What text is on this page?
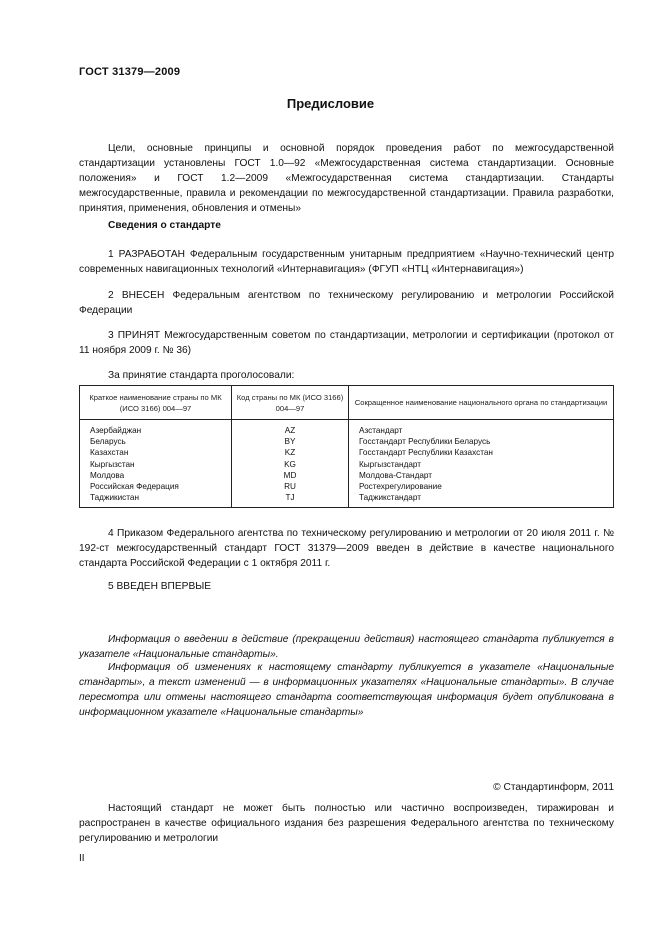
ГОСТ 31379—2009
Предисловие
Цели, основные принципы и основной порядок проведения работ по межгосударственной стандартизации установлены ГОСТ 1.0—92 «Межгосударственная система стандартизации. Основные положения» и ГОСТ 1.2—2009 «Межгосударственная система стандартизации. Стандарты межгосударственные, правила и рекомендации по межгосударственной стандартизации. Правила разработки, принятия, применения, обновления и отмены»
Сведения о стандарте
1 РАЗРАБОТАН Федеральным государственным унитарным предприятием «Научно-технический центр современных навигационных технологий «Интернавигация» (ФГУП «НТЦ «Интернавигация»)
2 ВНЕСЕН Федеральным агентством по техническому регулированию и метрологии Российской Федерации
3 ПРИНЯТ Межгосударственным советом по стандартизации, метрологии и сертификации (протокол от 11 ноября 2009 г. № 36)
За принятие стандарта проголосовали:
Краткое наименование страны по МК (ИСО 3166) 004—97	Код страны по МК (ИСО 3166) 004—97	Сокращенное наименование национального органа по стандартизации
Азербайджан	AZ	Азстандарт
Беларусь	BY	Госстандарт Республики Беларусь
Казахстан	KZ	Госстандарт Республики Казахстан
Кыргызстан	KG	Кыргызстандарт
Молдова	MD	Молдова-Стандарт
Российская Федерация	RU	Ростехрегулирование
Таджикистан	TJ	Таджикстандарт
4 Приказом Федерального агентства по техническому регулированию и метрологии от 20 июля 2011 г. № 192-ст межгосударственный стандарт ГОСТ 31379—2009 введен в действие в качестве национального стандарта Российской Федерации с 1 октября 2011 г.
5 ВВЕДЕН ВПЕРВЫЕ
Информация о введении в действие (прекращении действия) настоящего стандарта публикуется в указателе «Национальные стандарты».
Информация об изменениях к настоящему стандарту публикуется в указателе «Национальные стандарты», а текст изменений — в информационных указателях «Национальные стандарты». В случае пересмотра или отмены настоящего стандарта соответствующая информация будет опубликована в информационном указателе «Национальные стандарты»
© Стандартинформ, 2011
Настоящий стандарт не может быть полностью или частично воспроизведен, тиражирован и распространен в качестве официального издания без разрешения Федерального агентства по техническому регулированию и метрологии
II
